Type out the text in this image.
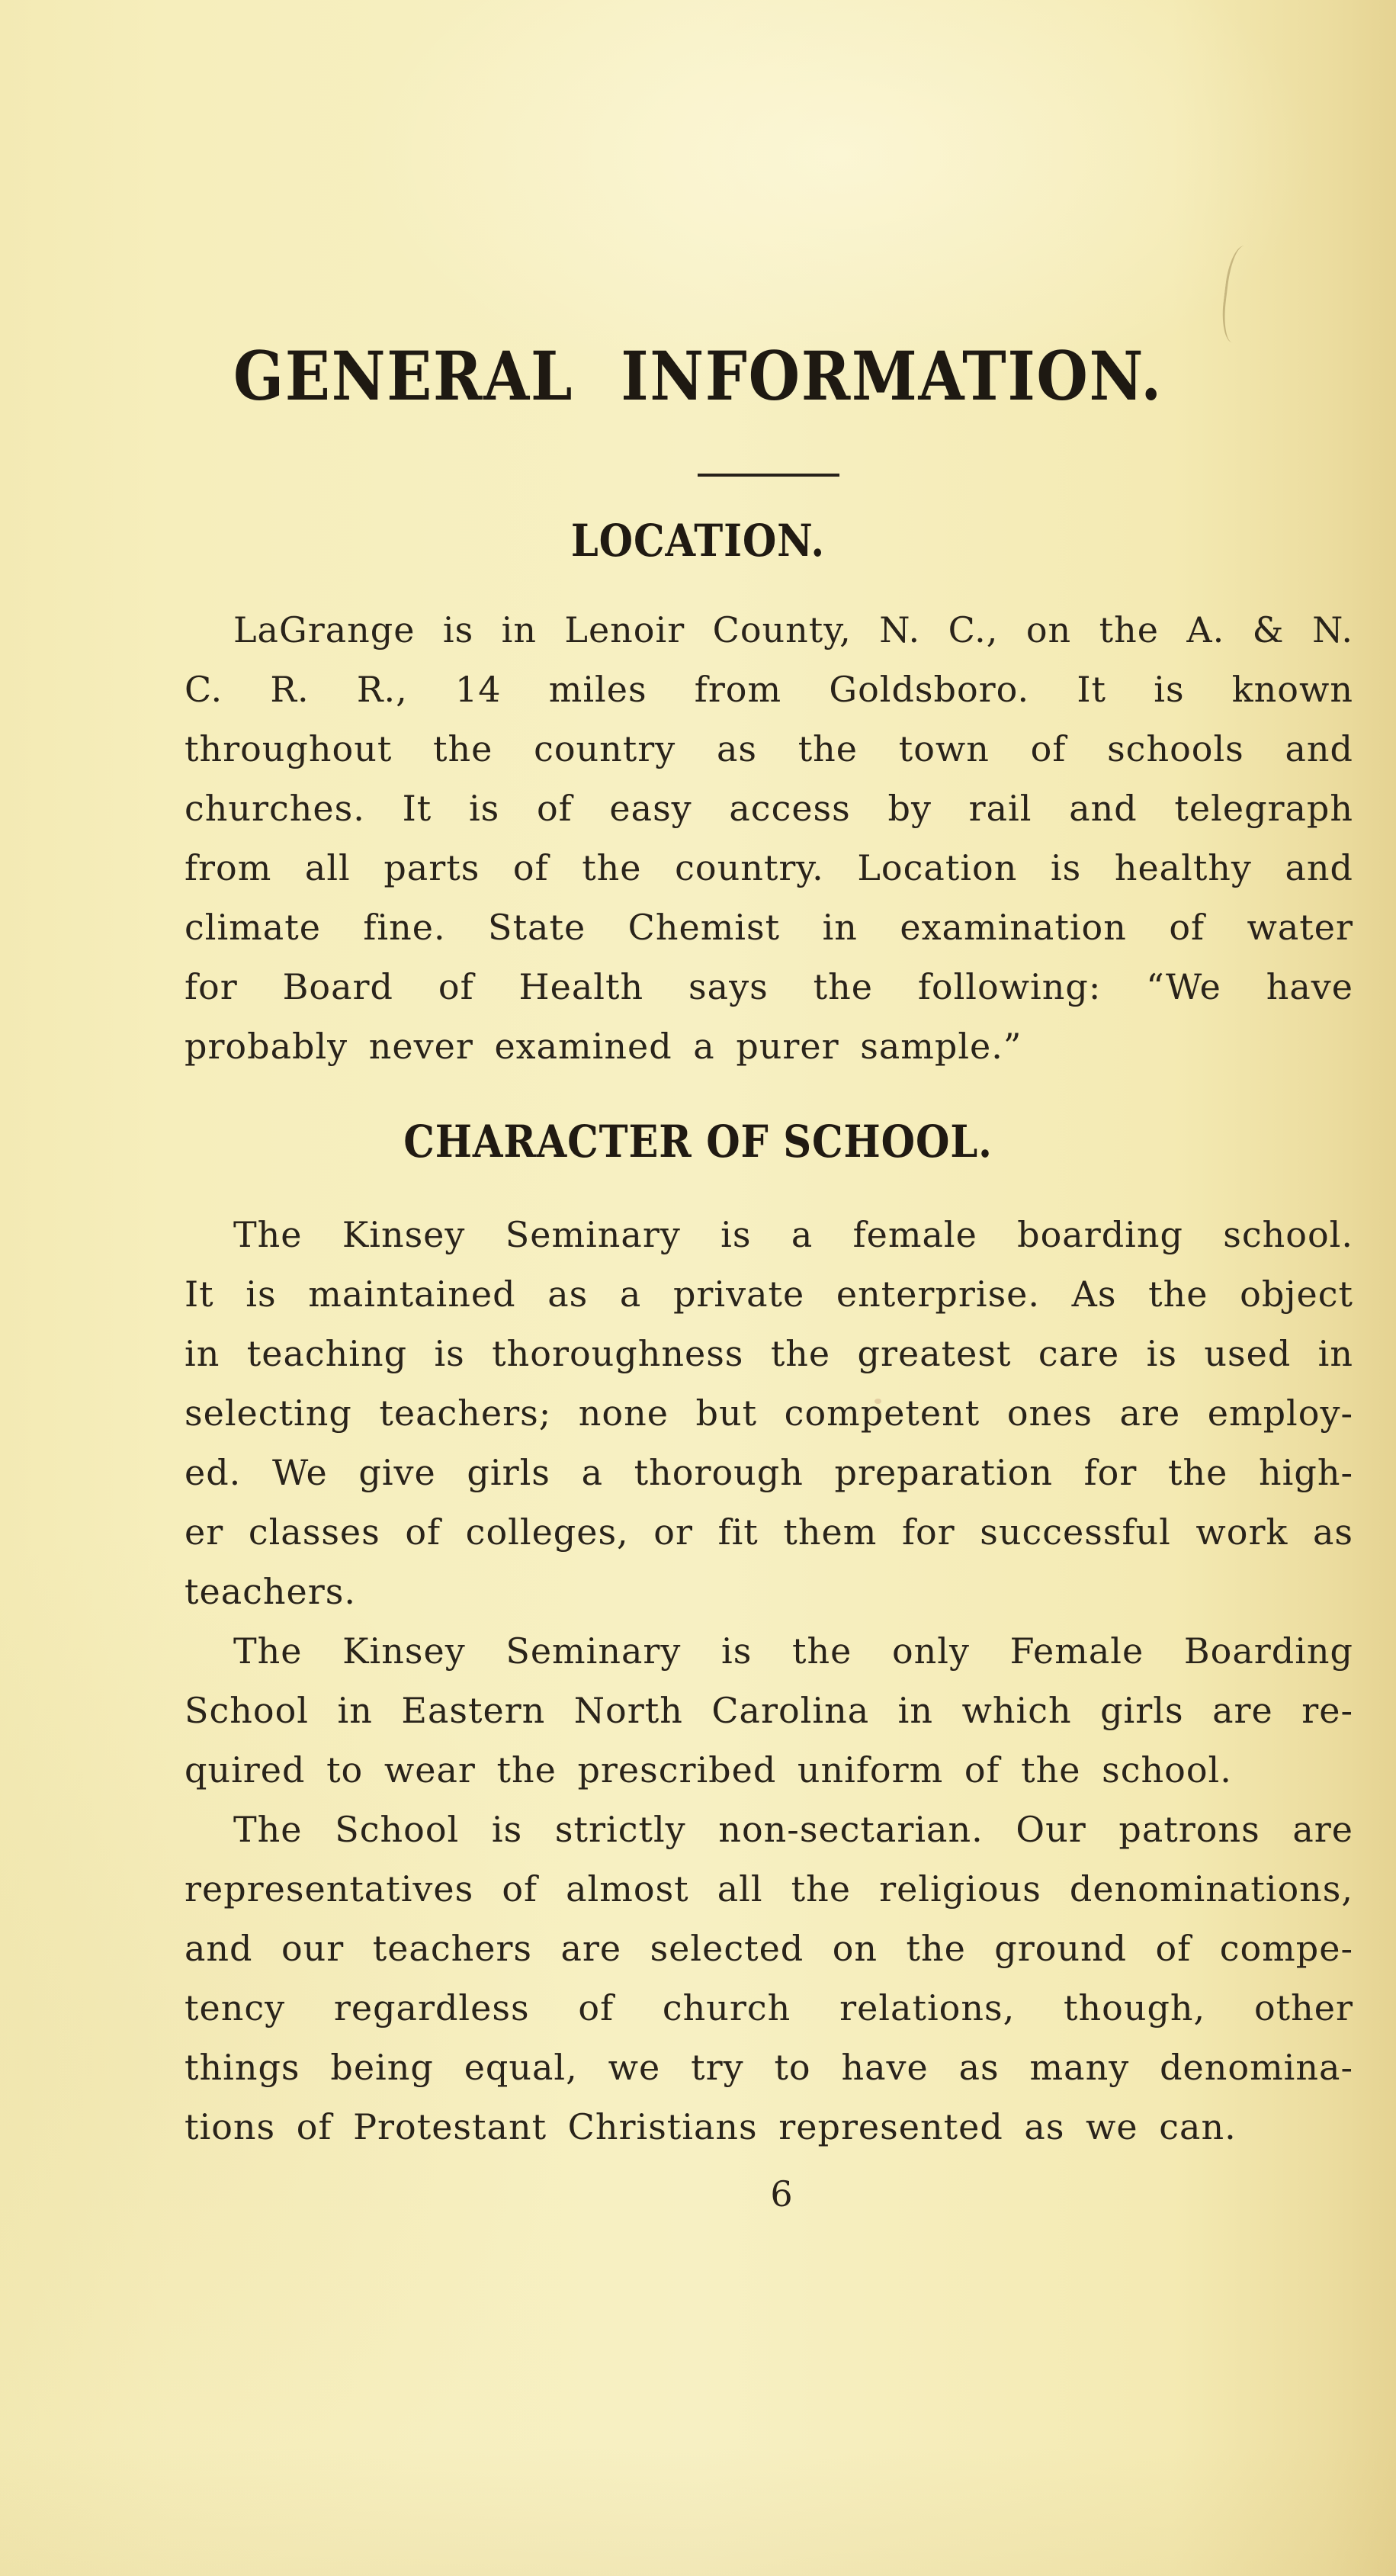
GENERAL INFORMATION.
LOCATION.
LaGrange is in Lenoir County, N. C., on the A. & N.
C. R. R., 14 miles from Goldsboro. It is known
throughout the country as the town of schools and
churches. It is of easy access by rail and telegraph
from all parts of the country. Location is healthy and
climate fine. State Chemist in examination of water
for Board of Health says the following: “We have
probably never examined a purer sample.”
CHARACTER OF SCHOOL.
The Kinsey Seminary is a female boarding school.
It is maintained as a private enterprise. As the object
in teaching is thoroughness the greatest care is used in
selecting teachers; none but competent ones are employ-
ed. We give girls a thorough preparation for the high-
er classes of colleges, or fit them for successful work as
teachers.
The Kinsey Seminary is the only Female Boarding
School in Eastern North Carolina in which girls are re-
quired to wear the prescribed uniform of the school.
The School is strictly non-sectarian. Our patrons are
representatives of almost all the religious denominations,
and our teachers are selected on the ground of compe-
tency regardless of church relations, though, other
things being equal, we try to have as many denomina-
tions of Protestant Christians represented as we can.
6
